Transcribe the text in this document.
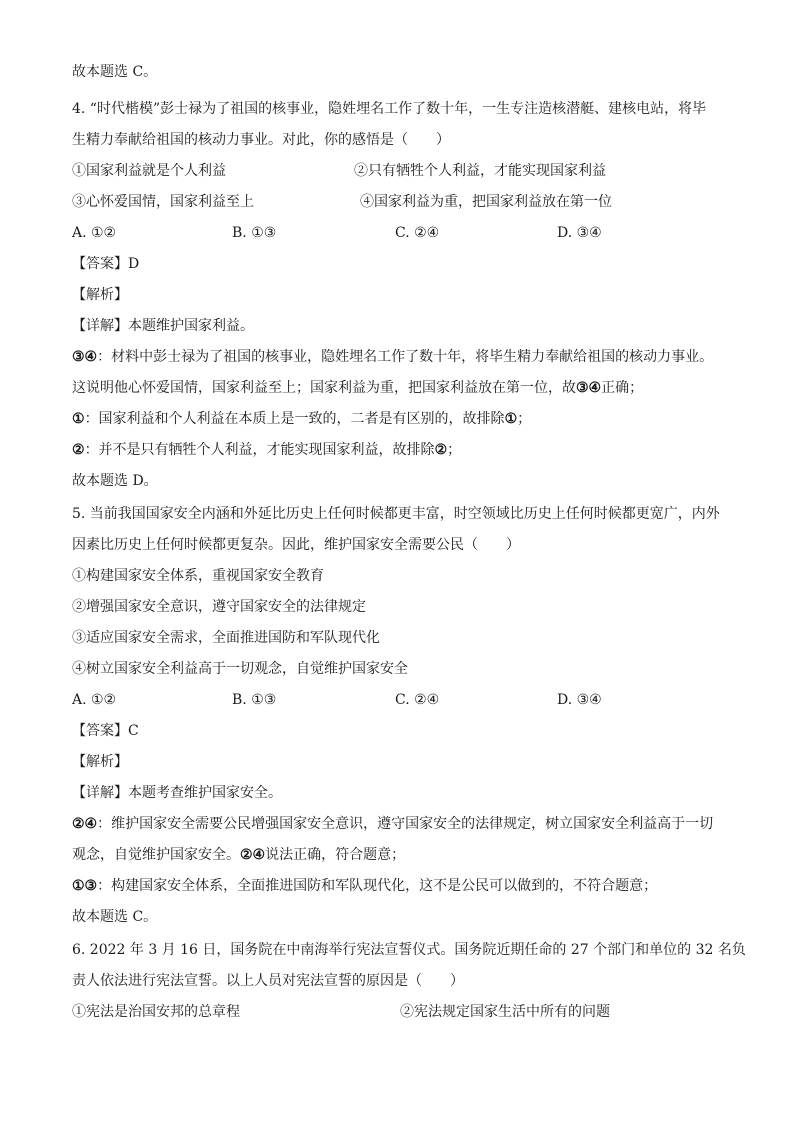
故本题选 C。
4. “时代楷模”彭士禄为了祖国的核事业，隐姓埋名工作了数十年，一生专注造核潜艇、建核电站，将毕
生精力奉献给祖国的核动力事业。对此，你的感悟是（　　）
①国家利益就是个人利益	②只有牺牲个人利益，才能实现国家利益
③心怀爱国情，国家利益至上	④国家利益为重，把国家利益放在第一位
A. ①②	B. ①③	C. ②④	D. ③④
【答案】D
【解析】
【详解】本题维护国家利益。
③④：材料中彭士禄为了祖国的核事业，隐姓埋名工作了数十年，将毕生精力奉献给祖国的核动力事业。
这说明他心怀爱国情，国家利益至上；国家利益为重，把国家利益放在第一位，故③④正确；
①：国家利益和个人利益在本质上是一致的，二者是有区别的，故排除①；
②：并不是只有牺牲个人利益，才能实现国家利益，故排除②；
故本题选 D。
5. 当前我国国家安全内涵和外延比历史上任何时候都更丰富，时空领域比历史上任何时候都更宽广，内外
因素比历史上任何时候都更复杂。因此，维护国家安全需要公民（　　）
①构建国家安全体系，重视国家安全教育
②增强国家安全意识，遵守国家安全的法律规定
③适应国家安全需求，全面推进国防和军队现代化
④树立国家安全利益高于一切观念，自觉维护国家安全
A. ①②	B. ①③	C. ②④	D. ③④
【答案】C
【解析】
【详解】本题考查维护国家安全。
②④：维护国家安全需要公民增强国家安全意识，遵守国家安全的法律规定，树立国家安全利益高于一切
观念，自觉维护国家安全。②④说法正确，符合题意；
①③：构建国家安全体系，全面推进国防和军队现代化，这不是公民可以做到的，不符合题意；
故本题选 C。
6. 2022 年 3 月 16 日，国务院在中南海举行宪法宣誓仪式。国务院近期任命的 27 个部门和单位的 32 名负
责人依法进行宪法宣誓。以上人员对宪法宣誓的原因是（　　）
①宪法是治国安邦的总章程	②宪法规定国家生活中所有的问题
